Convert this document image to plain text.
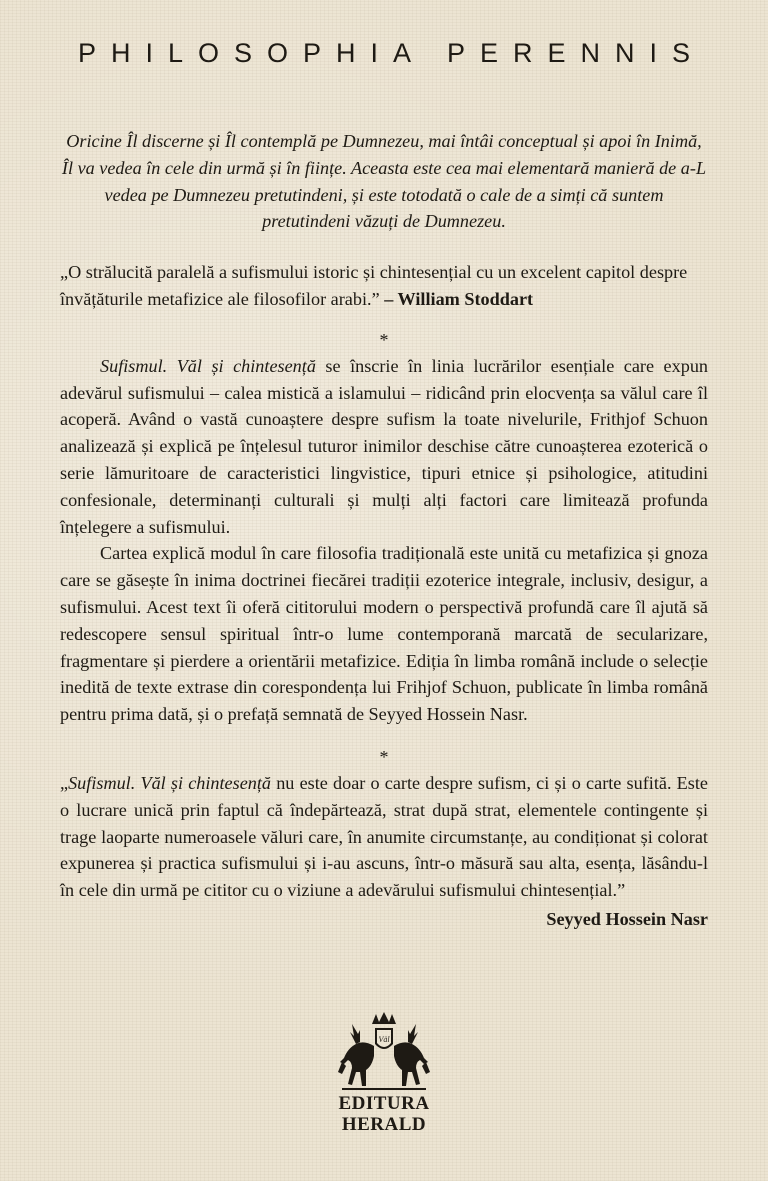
PHILOSOPHIA PERENNIS

Oricine Îl discerne și Îl contemplă pe Dumnezeu, mai întâi conceptual și apoi în Inimă, Îl va vedea în cele din urmă și în ființe. Aceasta este cea mai elementară manieră de a-L vedea pe Dumnezeu pretutindeni, și este totodată o cale de a simți că suntem pretutindeni văzuți de Dumnezeu.

„O strălucită paralelă a sufismului istoric și chintesențial cu un excelent capitol despre învățăturile metafizice ale filosofilor arabi.” – William Stoddart

*

Sufismul. Văl și chintesență se înscrie în linia lucrărilor esențiale care expun adevărul sufismului – calea mistică a islamului – ridicând prin elocvența sa vălul care îl acoperă. Având o vastă cunoaștere despre sufism la toate nivelurile, Frithjof Schuon analizează și explică pe înțelesul tuturor inimilor deschise către cunoașterea ezoterică o serie lămuritoare de caracteristici lingvistice, tipuri etnice și psihologice, atitudini confesionale, determinanți culturali și mulți alți factori care limitează profunda înțelegere a sufismului.

Cartea explică modul în care filosofia tradițională este unită cu metafizica și gnoza care se găsește în inima doctrinei fiecărei tradiții ezoterice integrale, inclusiv, desigur, a sufismului. Acest text îi oferă cititorului modern o perspectivă profundă care îl ajută să redescopere sensul spiritual într-o lume contemporană marcată de secularizare, fragmentare și pierdere a orientării metafizice. Ediția în limba română include o selecție inedită de texte extrase din corespondența lui Frihjof Schuon, publicate în limba română pentru prima dată, și o prefață semnată de Seyyed Hossein Nasr.

*

„Sufismul. Văl și chintesență nu este doar o carte despre sufism, ci și o carte sufită. Este o lucrare unică prin faptul că îndepărtează, strat după strat, elementele contingente și trage laoparte numeroasele văluri care, în anumite circumstanțe, au condiționat și colorat expunerea și practica sufismului și i-au ascuns, într-o măsură sau alta, esența, lăsându-l în cele din urmă pe cititor cu o viziune a adevărului sufismului chintesențial.”

Seyyed Hossein Nasr

Väl
EDITURA
HERALD
